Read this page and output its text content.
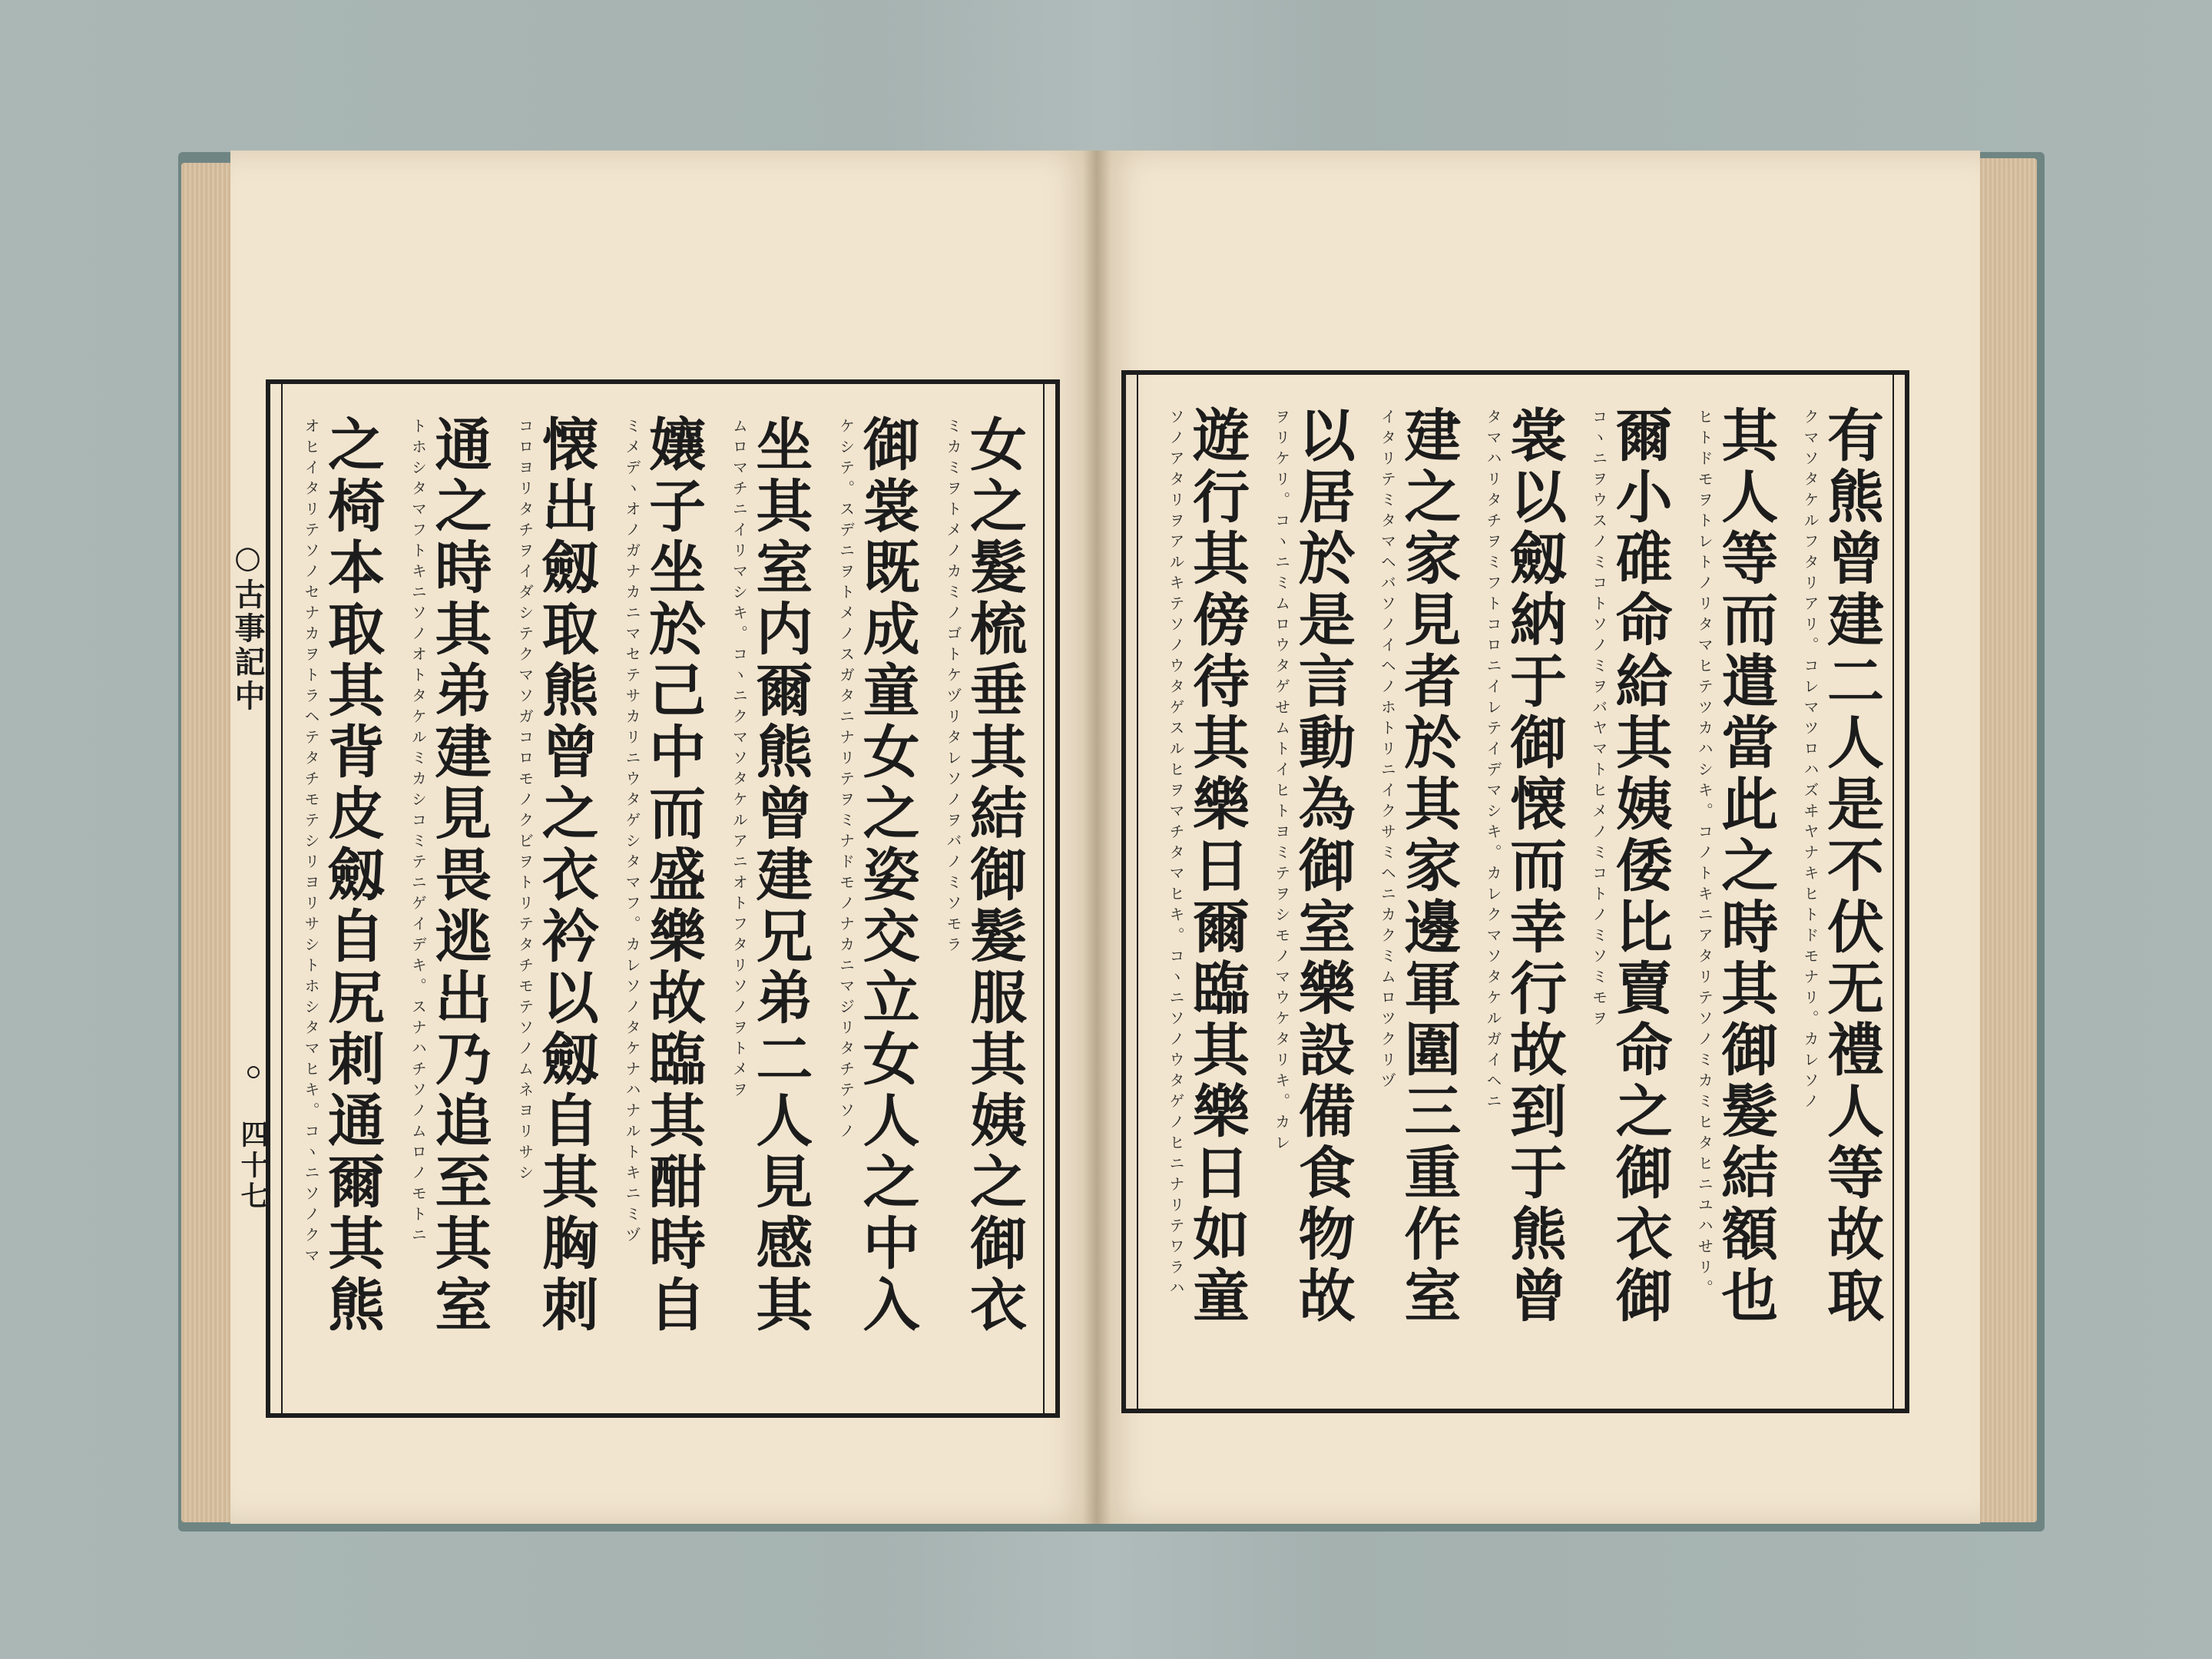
○古事記中
四十七	女之髮梳垂其結御髮服其姨之御衣
ミカミヲトメノカミノゴトケヅリタレソノヲバノミソモラ
御裳既成童女之姿交立女人之中入
ケシテ。スデニヲトメノスガタニナリテヲミナドモノナカニマジリタチテソノ
坐其室内爾熊曾建兄弟二人見感其
ムロマチニイリマシキ。コヽニクマソタケルアニオトフタリソノヲトメヲ
孃子坐於己中而盛樂故臨其酣時自
ミメデヽオノガナカニマセテサカリニウタゲシタマフ。カレソノタケナハナルトキニミヅ
懐出劔取熊曾之衣衿以劔自其胸刺
コロヨリタチヲイダシテクマソガコロモノクビヲトリテタチモテソノムネヨリサシ
通之時其弟建見畏逃出乃追至其室
トホシタマフトキニソノオトタケルミカシコミテニゲイデキ。スナハチソノムロノモトニ
之椅本取其背皮劔自尻刺通爾其熊
オヒイタリテソノセナカヲトラヘテタチモテシリヨリサシトホシタマヒキ。コヽニソノクマ	有熊曾建二人是不伏无禮人等故取
クマソタケルフタリアリ。コレマツロハズヰヤナキヒトドモナリ。カレソノ
其人等而遣當此之時其御髮結額也
ヒトドモヲトレトノリタマヒテツカハシキ。コノトキニアタリテソノミカミヒタヒニユハせリ。
爾小碓命給其姨倭比賣命之御衣御
コヽニヲウスノミコトソノミヲバヤマトヒメノミコトノミソミモヲ
裳以劔納于御懐而幸行故到于熊曾
タマハリタチヲミフトコロニイレテイデマシキ。カレクマソタケルガイヘニ
建之家見者於其家邊軍圍三重作室
イタリテミタマヘバソノイヘノホトリニイクサミヘニカクミムロツクリヅ
以居於是言動為御室樂設備食物故
ヲリケリ。コヽニミムロウタゲせムトイヒトヨミテヲシモノマウケタリキ。カレ
遊行其傍待其樂日爾臨其樂日如童
ソノアタリヲアルキテソノウタゲスルヒヲマチタマヒキ。コヽニソノウタゲノヒニナリテワラハ
